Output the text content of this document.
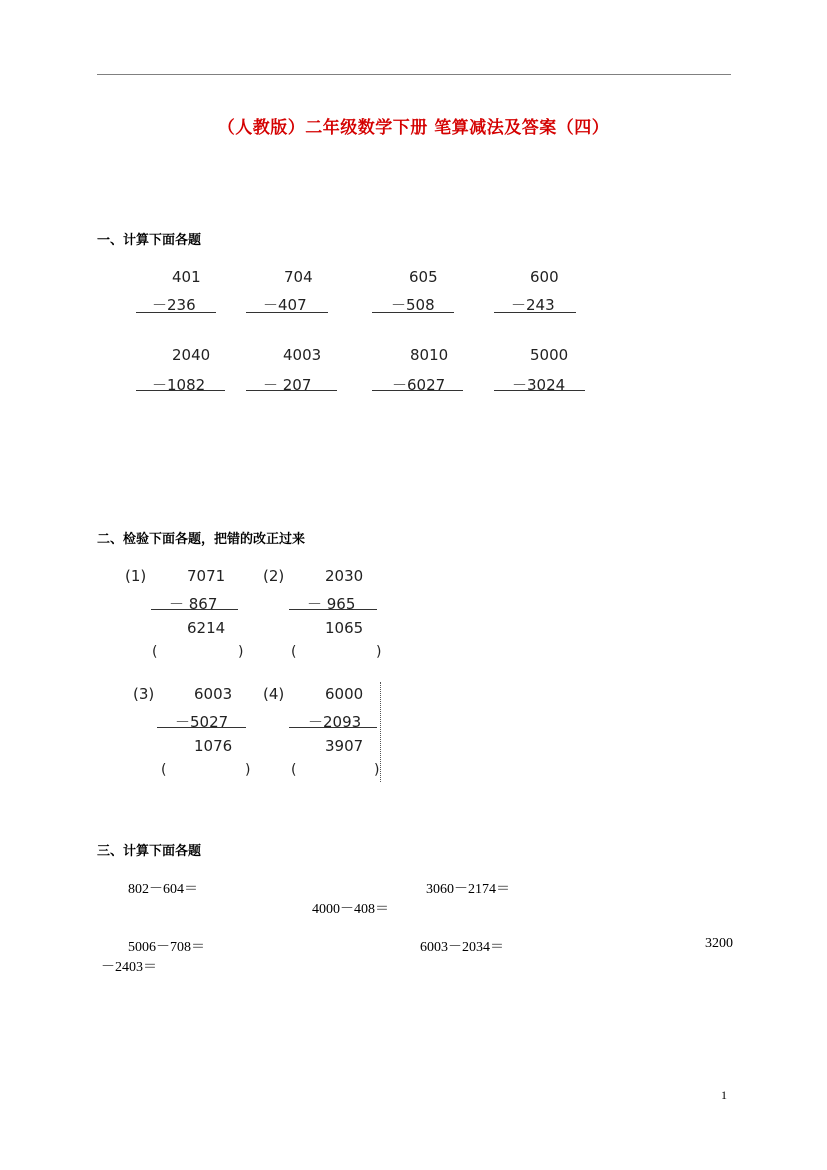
（人教版）二年级数学下册 笔算减法及答案（四）
一、计算下面各题
401
－236
704
－407
605
－508
600
－243
2040
－1082
4003
－ 207
8010
－6027
5000
－3024
二、检验下面各题，把错的改正过来
(1)	7071
－ 867
6214
(	)
(2)	2030
－ 965
1065
(	)
(3)	6003
－5027
1076
(	)
(4)	6000
－2093
3907
(	)
三、计算下面各题
802－604＝	3060－2174＝
4000－408＝
5006－708＝	6003－2034＝	3200
－2403＝
1
